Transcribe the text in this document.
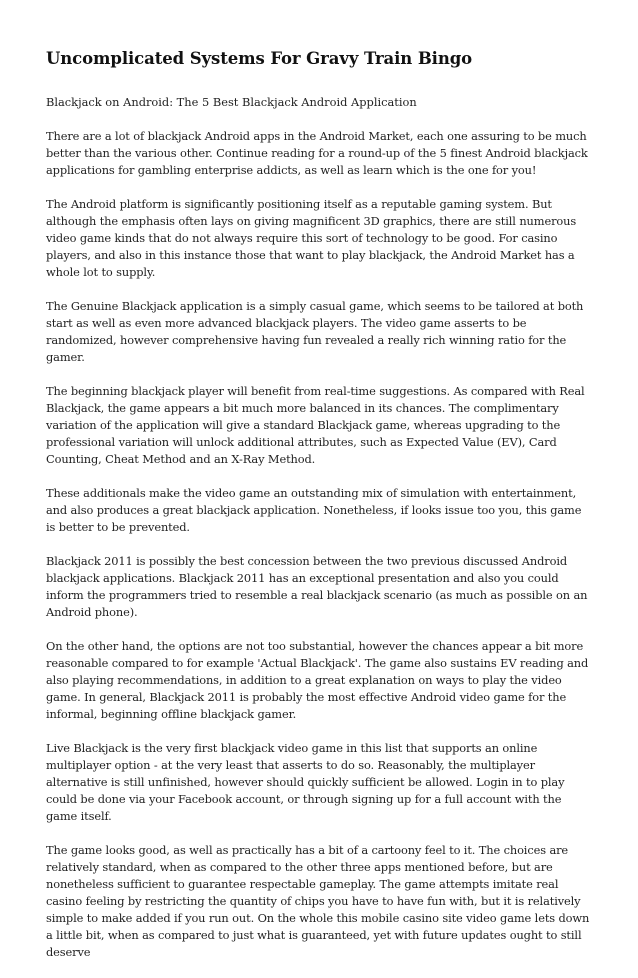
Uncomplicated Systems For Gravy Train Bingo

Blackjack on Android: The 5 Best Blackjack Android Application

There are a lot of blackjack Android apps in the Android Market, each one assuring to be much better than the various other. Continue reading for a round-up of the 5 finest Android blackjack applications for gambling enterprise addicts, as well as learn which is the one for you!

The Android platform is significantly positioning itself as a reputable gaming system. But although the emphasis often lays on giving magnificent 3D graphics, there are still numerous video game kinds that do not always require this sort of technology to be good. For casino players, and also in this instance those that want to play blackjack, the Android Market has a whole lot to supply.

The Genuine Blackjack application is a simply casual game, which seems to be tailored at both start as well as even more advanced blackjack players. The video game asserts to be randomized, however comprehensive having fun revealed a really rich winning ratio for the gamer.

The beginning blackjack player will benefit from real-time suggestions. As compared with Real Blackjack, the game appears a bit much more balanced in its chances. The complimentary variation of the application will give a standard Blackjack game, whereas upgrading to the professional variation will unlock additional attributes, such as Expected Value (EV), Card Counting, Cheat Method and an X-Ray Method.

These additionals make the video game an outstanding mix of simulation with entertainment, and also produces a great blackjack application. Nonetheless, if looks issue too you, this game is better to be prevented.

Blackjack 2011 is possibly the best concession between the two previous discussed Android blackjack applications. Blackjack 2011 has an exceptional presentation and also you could inform the programmers tried to resemble a real blackjack scenario (as much as possible on an Android phone).

On the other hand, the options are not too substantial, however the chances appear a bit more reasonable compared to for example 'Actual Blackjack'. The game also sustains EV reading and also playing recommendations, in addition to a great explanation on ways to play the video game. In general, Blackjack 2011 is probably the most effective Android video game for the informal, beginning offline blackjack gamer.

Live Blackjack is the very first blackjack video game in this list that supports an online multiplayer option - at the very least that asserts to do so. Reasonably, the multiplayer alternative is still unfinished, however should quickly sufficient be allowed. Login in to play could be done via your Facebook account, or through signing up for a full account with the game itself.

The game looks good, as well as practically has a bit of a cartoony feel to it. The choices are relatively standard, when as compared to the other three apps mentioned before, but are nonetheless sufficient to guarantee respectable gameplay. The game attempts imitate real casino feeling by restricting the quantity of chips you have to have fun with, but it is relatively simple to make added if you run out. On the whole this mobile casino site video game lets down a little bit, when as compared to just what is guaranteed, yet with future updates ought to still deserve
